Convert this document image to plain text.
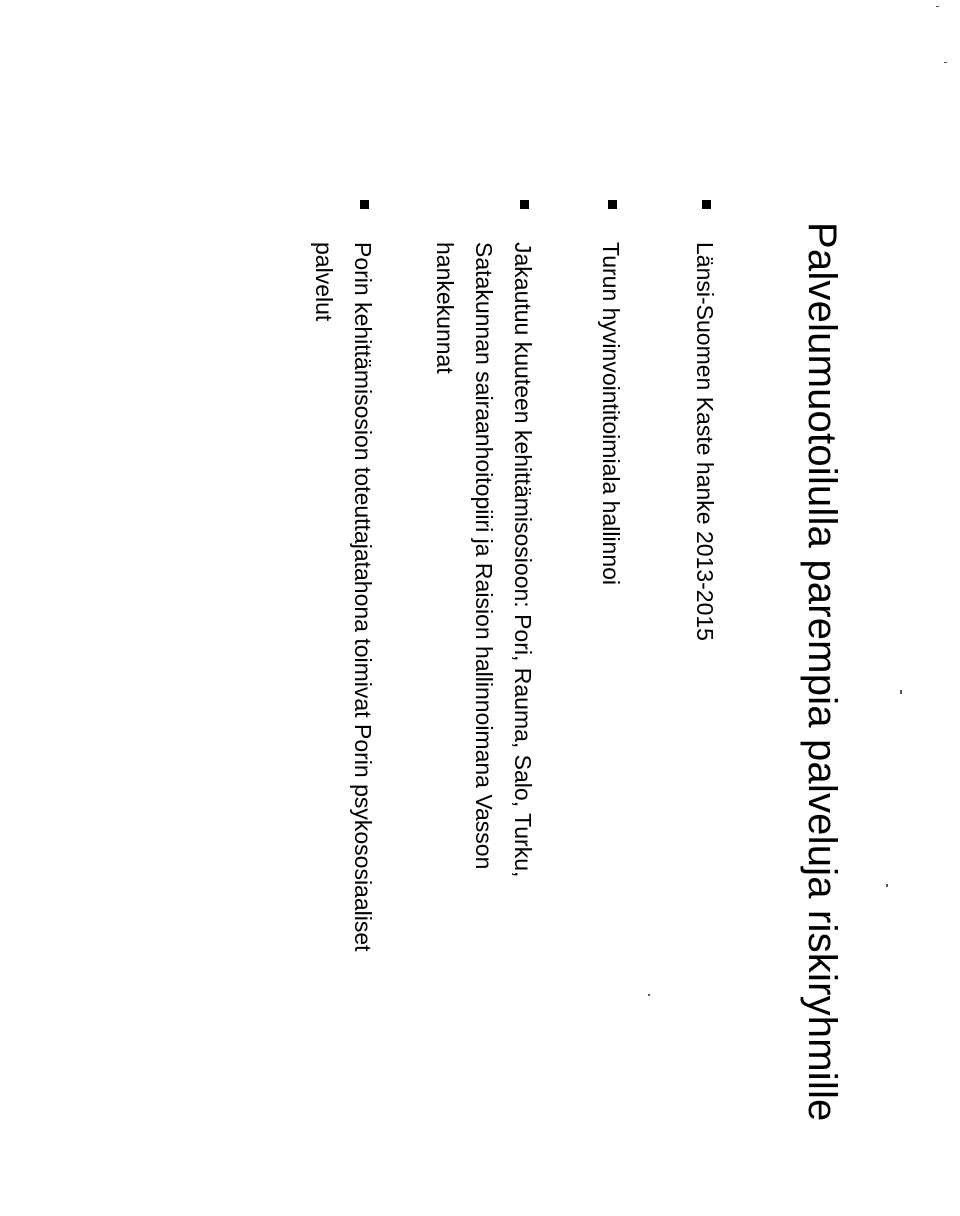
Palvelumuotoilulla parempia palveluja riskiryhmille
Länsi-Suomen Kaste hanke 2013-2015
Turun hyvinvointitoimiala hallinnoi
Jakautuu kuuteen kehittämisosioon: Pori, Rauma, Salo, Turku,
Satakunnan sairaanhoitopiiri ja Raision hallinnoimana Vasson
hankekunnat
Porin kehittämisosion toteuttajatahona toimivat Porin psykososiaaliset
palvelut
